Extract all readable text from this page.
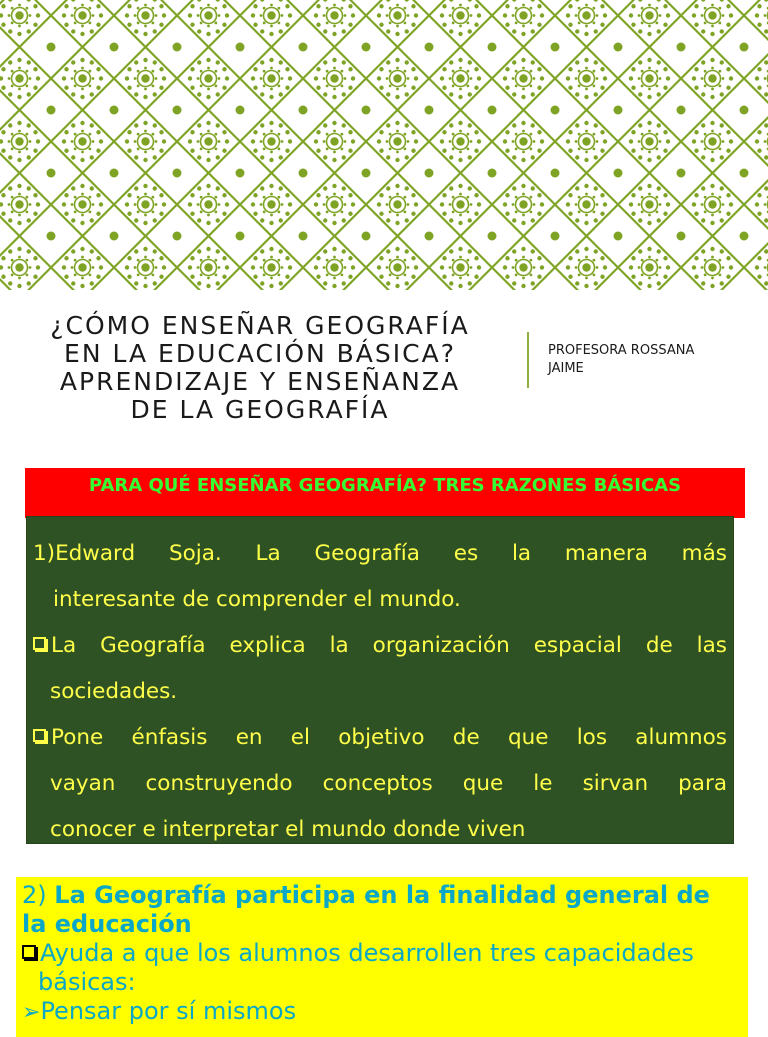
¿CÓMO ENSEÑAR GEOGRAFÍA
EN LA EDUCACIÓN BÁSICA?
APRENDIZAJE Y ENSEÑANZA
DE LA GEOGRAFÍA
PROFESORA ROSSANA
JAIME

PARA QUÉ ENSEÑAR GEOGRAFÍA? TRES RAZONES BÁSICAS

1)Edward Soja. La Geografía es la manera más

interesante de comprender el mundo.

La Geografía explica la organización espacial de las

sociedades.

Pone énfasis en el objetivo de que los alumnos

vayan construyendo conceptos que le sirvan para

conocer e interpretar el mundo donde viven

2) La Geografía participa en la finalidad general de la educación

Ayuda a que los alumnos desarrollen tres capacidades

básicas:

➢Pensar por sí mismos
